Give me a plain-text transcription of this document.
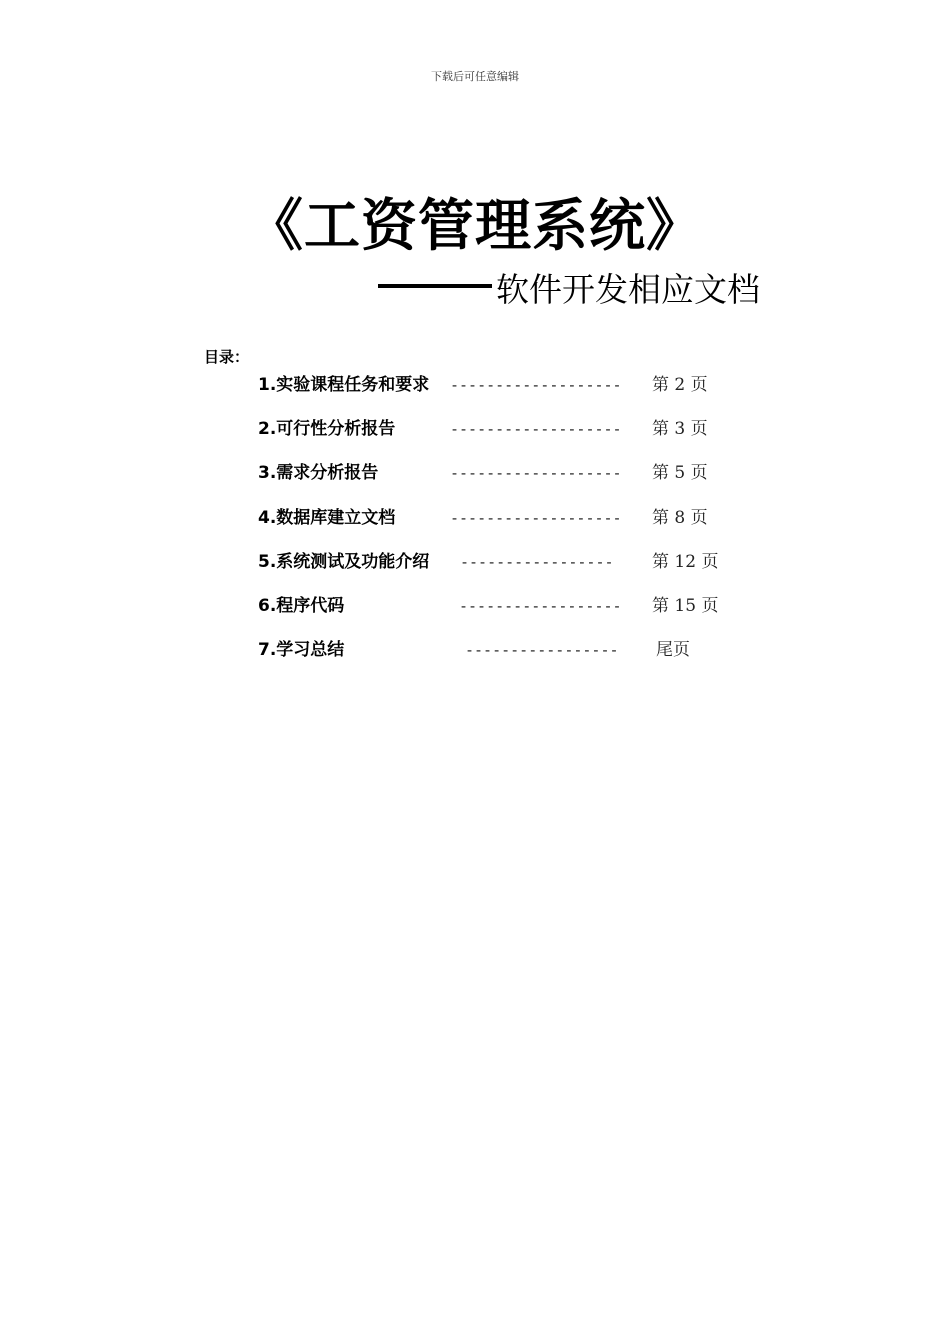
下载后可任意编辑
《工资管理系统》
软件开发相应文档
目录：
1.实验课程任务和要求 ------------------- 第 2 页
2.可行性分析报告	------------------- 第 3 页
3.需求分析报告	------------------- 第 5 页
4.数据库建立文档	------------------- 第 8 页
5.系统测试及功能介绍 ----------------- 第 12 页
6.程序代码	------------------ 第 15 页
7.学习总结	----------------- 尾页
